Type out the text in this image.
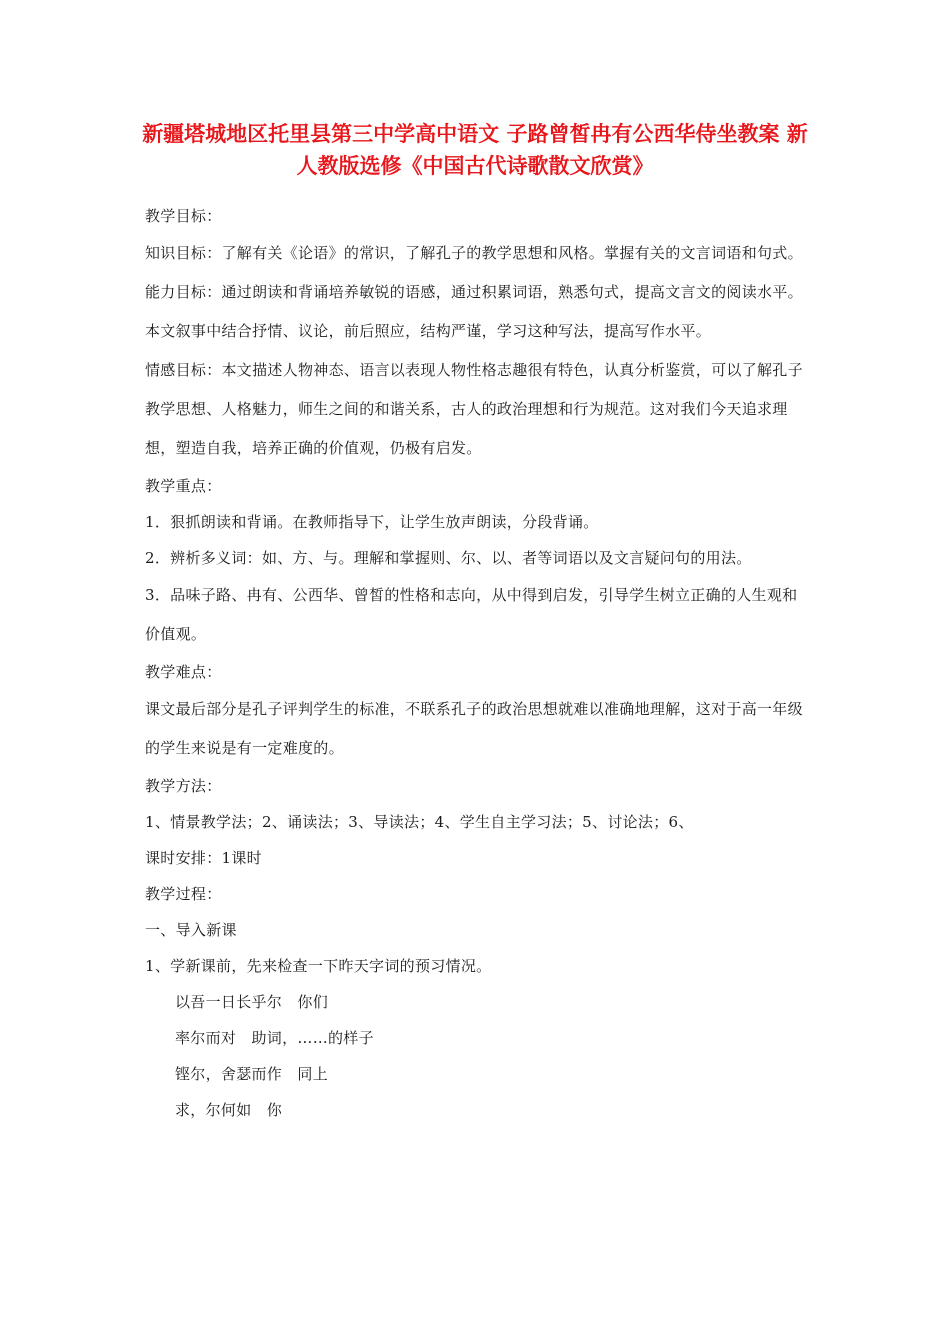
新疆塔城地区托里县第三中学高中语文 子路曾皙冉有公西华侍坐教案 新人教版选修《中国古代诗歌散文欣赏》

教学目标：

知识目标：了解有关《论语》的常识，了解孔子的教学思想和风格。掌握有关的文言词语和句式。

能力目标：通过朗读和背诵培养敏锐的语感，通过积累词语，熟悉句式，提高文言文的阅读水平。本文叙事中结合抒情、议论，前后照应，结构严谨，学习这种写法，提高写作水平。

情感目标：本文描述人物神态、语言以表现人物性格志趣很有特色，认真分析鉴赏，可以了解孔子教学思想、人格魅力，师生之间的和谐关系，古人的政治理想和行为规范。这对我们今天追求理想，塑造自我，培养正确的价值观，仍极有启发。

教学重点：

1．狠抓朗读和背诵。在教师指导下，让学生放声朗读，分段背诵。

2．辨析多义词：如、方、与。理解和掌握则、尔、以、者等词语以及文言疑问句的用法。

3．品味子路、冉有、公西华、曾皙的性格和志向，从中得到启发，引导学生树立正确的人生观和价值观。

教学难点：

课文最后部分是孔子评判学生的标准，不联系孔子的政治思想就难以准确地理解，这对于高一年级的学生来说是有一定难度的。

教学方法：

1、情景教学法；2、诵读法；3、导读法；4、学生自主学习法；5、讨论法；6、

课时安排：1课时

教学过程：

一、导入新课

1、学新课前，先来检查一下昨天字词的预习情况。

以吾一日长乎尔　你们

率尔而对　助词，……的样子

铿尔，舍瑟而作　同上

求，尔何如　你
